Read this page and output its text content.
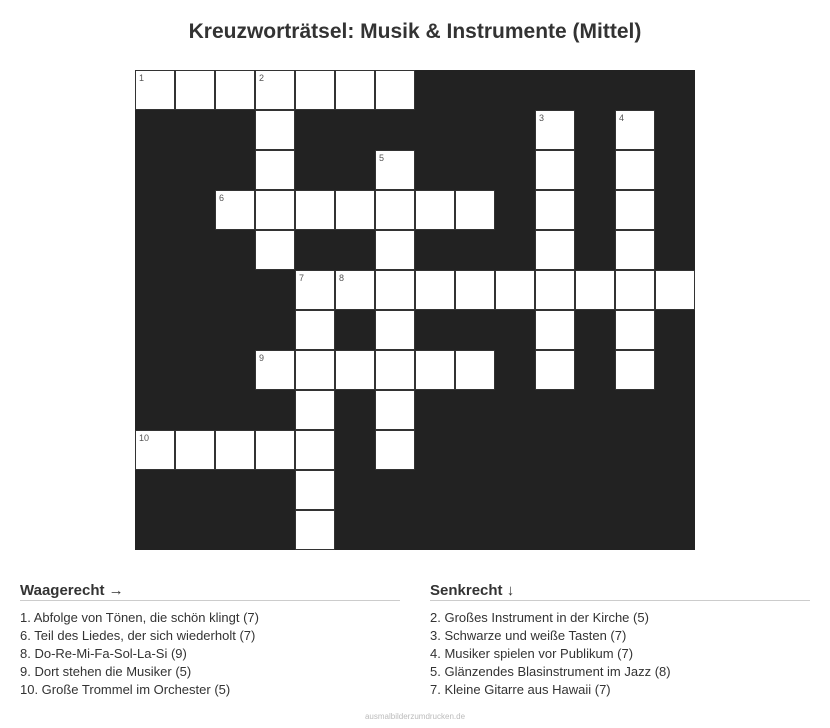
Kreuzworträtsel: Musik & Instrumente (Mittel)
1	2
3	4
5
6
7	8
9
10
Waagerecht →
1. Abfolge von Tönen, die schön klingt (7)
6. Teil des Liedes, der sich wiederholt (7)
8. Do-Re-Mi-Fa-Sol-La-Si (9)
9. Dort stehen die Musiker (5)
10. Große Trommel im Orchester (5)
Senkrecht ↓
2. Großes Instrument in der Kirche (5)
3. Schwarze und weiße Tasten (7)
4. Musiker spielen vor Publikum (7)
5. Glänzendes Blasinstrument im Jazz (8)
7. Kleine Gitarre aus Hawaii (7)
ausmalbilderzumdrucken.de
